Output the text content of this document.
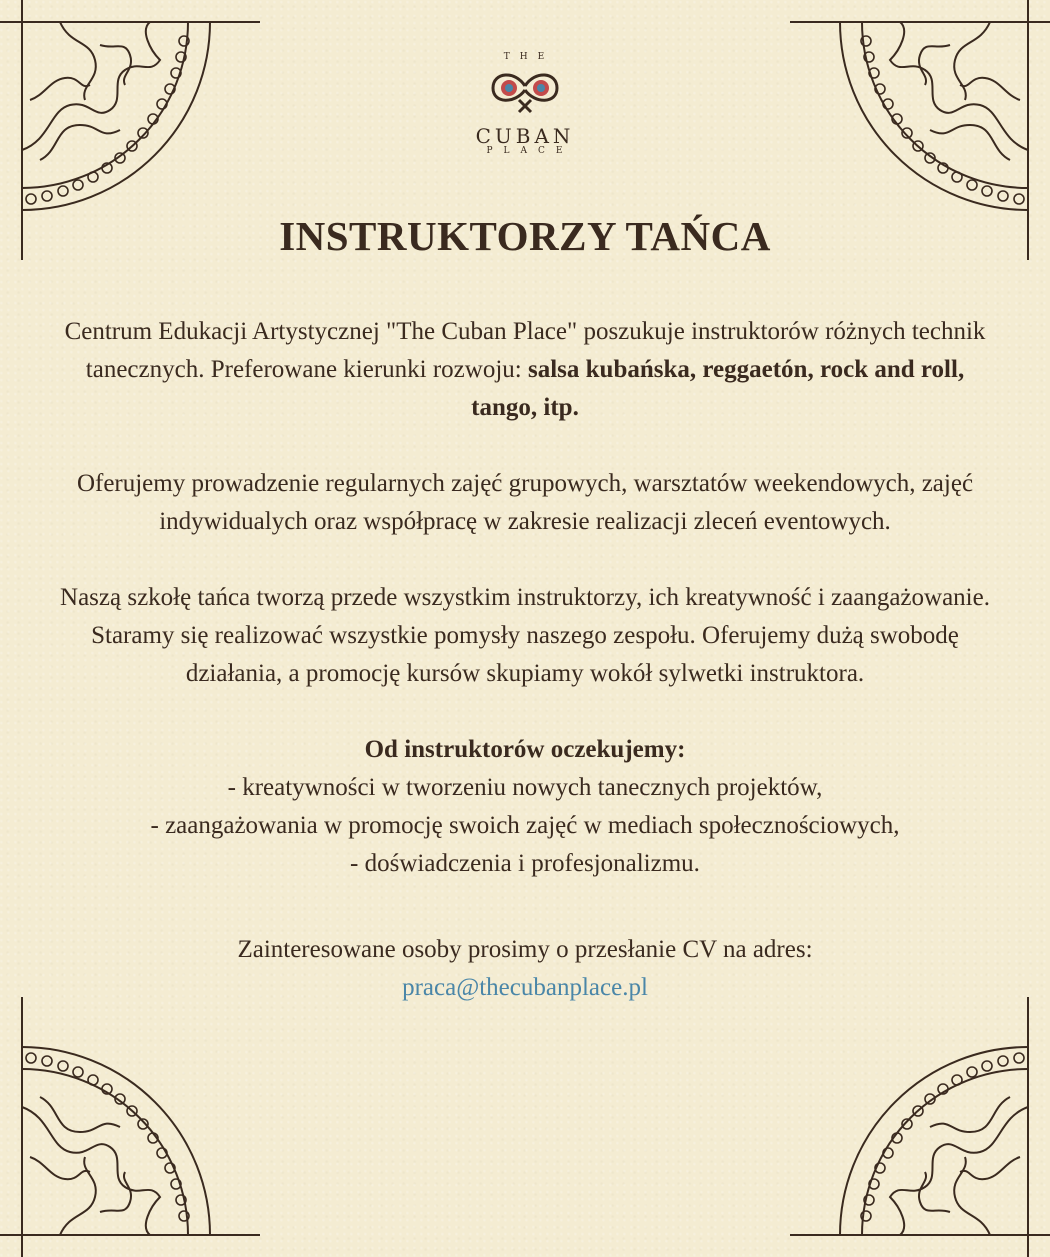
THE
CUBAN
PLACE
INSTRUKTORZY TAŃCA

Centrum Edukacji Artystycznej "The Cuban Place" poszukuje instruktorów różnych technik tanecznych. Preferowane kierunki rozwoju: salsa kubańska, reggaetón, rock and roll, tango, itp.

Oferujemy prowadzenie regularnych zajęć grupowych, warsztatów weekendowych, zajęć indywidualych oraz współpracę w zakresie realizacji zleceń eventowych.

Naszą szkołę tańca tworzą przede wszystkim instruktorzy, ich kreatywność i zaangażowanie. Staramy się realizować wszystkie pomysły naszego zespołu. Oferujemy dużą swobodę działania, a promocję kursów skupiamy wokół sylwetki instruktora.

Od instruktorów oczekujemy:

- kreatywności w tworzeniu nowych tanecznych projektów,

- zaangażowania w promocję swoich zajęć w mediach społecznościowych,

- doświadczenia i profesjonalizmu.

Zainteresowane osoby prosimy o przesłanie CV na adres:

praca@thecubanplace.pl
